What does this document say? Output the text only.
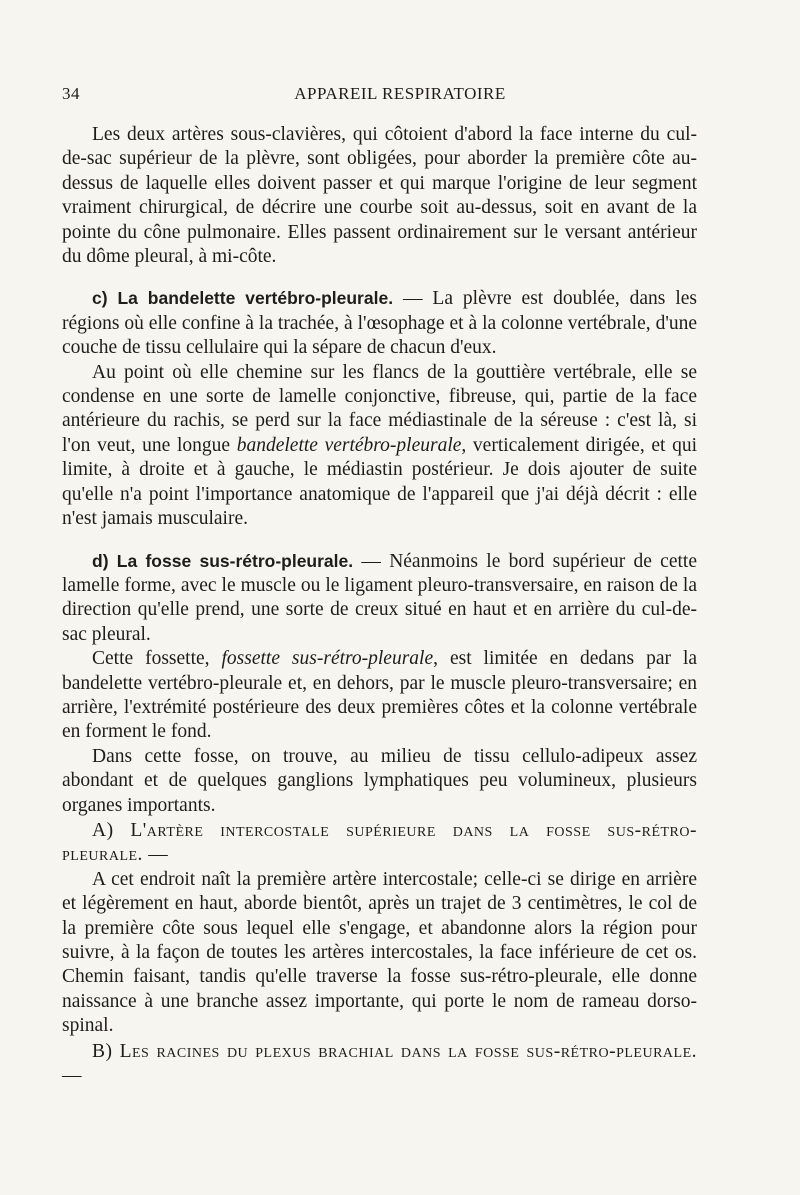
34	APPAREIL RESPIRATOIRE

Les deux artères sous-clavières, qui côtoient d'abord la face interne du cul-de-sac supérieur de la plèvre, sont obligées, pour aborder la première côte au-dessus de laquelle elles doivent passer et qui marque l'origine de leur segment vraiment chirurgical, de décrire une courbe soit au-dessus, soit en avant de la pointe du cône pulmonaire. Elles passent ordinairement sur le versant antérieur du dôme pleural, à mi-côte.

c) La bandelette vertébro-pleurale. — La plèvre est doublée, dans les régions où elle confine à la trachée, à l'œsophage et à la colonne vertébrale, d'une couche de tissu cellulaire qui la sépare de chacun d'eux.

Au point où elle chemine sur les flancs de la gouttière vertébrale, elle se condense en une sorte de lamelle conjonctive, fibreuse, qui, partie de la face antérieure du rachis, se perd sur la face médiastinale de la séreuse : c'est là, si l'on veut, une longue bandelette vertébro-pleurale, verticalement dirigée, et qui limite, à droite et à gauche, le médiastin postérieur. Je dois ajouter de suite qu'elle n'a point l'importance anatomique de l'appareil que j'ai déjà décrit : elle n'est jamais musculaire.

d) La fosse sus-rétro-pleurale. — Néanmoins le bord supérieur de cette lamelle forme, avec le muscle ou le ligament pleuro-transversaire, en raison de la direction qu'elle prend, une sorte de creux situé en haut et en arrière du cul-de-sac pleural.

Cette fossette, fossette sus-rétro-pleurale, est limitée en dedans par la bandelette vertébro-pleurale et, en dehors, par le muscle pleuro-transversaire; en arrière, l'extrémité postérieure des deux premières côtes et la colonne vertébrale en forment le fond.

Dans cette fosse, on trouve, au milieu de tissu cellulo-adipeux assez abondant et de quelques ganglions lymphatiques peu volumineux, plusieurs organes importants.

A) L'artère intercostale supérieure dans la fosse sus-rétro-pleurale. —

A cet endroit naît la première artère intercostale; celle-ci se dirige en arrière et légèrement en haut, aborde bientôt, après un trajet de 3 centimètres, le col de la première côte sous lequel elle s'engage, et abandonne alors la région pour suivre, à la façon de toutes les artères intercostales, la face inférieure de cet os. Chemin faisant, tandis qu'elle traverse la fosse sus-rétro-pleurale, elle donne naissance à une branche assez importante, qui porte le nom de rameau dorso-spinal.

B) Les racines du plexus brachial dans la fosse sus-rétro-pleurale. —
